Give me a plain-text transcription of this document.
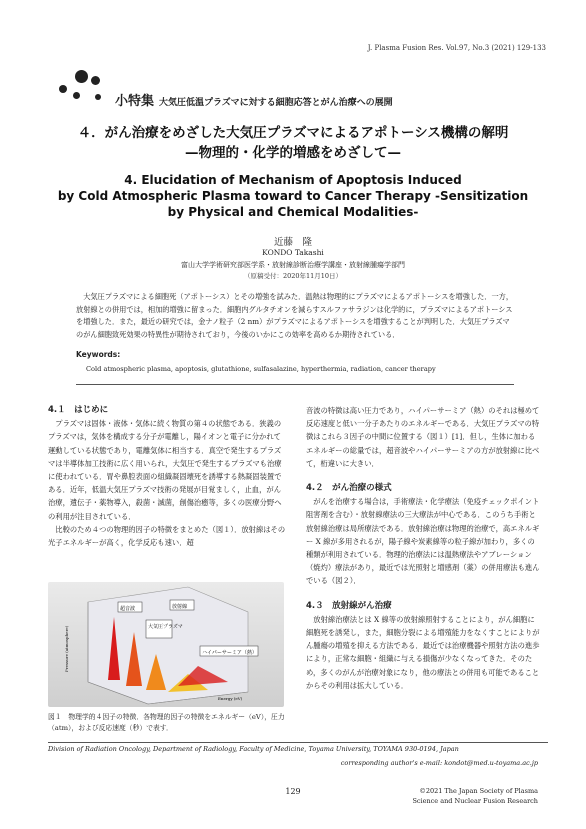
J. Plasma Fusion Res. Vol.97, No.3 (2021) 129‑133
小特集 大気圧低温プラズマに対する細胞応答とがん治療への展開
４．がん治療をめざした大気圧プラズマによるアポトーシス機構の解明
—物理的・化学的増感をめざして—
4. Elucidation of Mechanism of Apoptosis Induced
by Cold Atmospheric Plasma toward to Cancer Therapy -Sensitization
by Physical and Chemical Modalities-
近藤　隆
KONDO Takashi
富山大学学術研究部医学系・放射線診断治療学講座・放射線腫瘍学部門
（原稿受付：2020年11月10日）
大気圧プラズマによる細胞死（アポトーシス）とその増強を試みた．温熱は物理的にプラズマによるアポトーシスを増強した．一方，放射線との併用では，相加的増強に留まった．細胞内グルタチオンを減らすスルファサラジンは化学的に，プラズマによるアポトーシスを増強した．また，最近の研究では，金ナノ粒子（2 nm）がプラズマによるアポトーシスを増強することが判明した．大気圧プラズマのがん細胞致死効果の特異性が期待されており，今後のいかにこの効率を高めるか期待されている．
Keywords:
Cold atmospheric plasma, apoptosis, glutathione, sulfasalazine, hyperthermia, radiation, cancer therapy

4.１　はじめに

プラズマは固体・液体・気体に続く物質の第４の状態である．狭義のプラズマは，気体を構成する分子が電離し，陽イオンと電子に分かれて運動している状態であり，電離気体に相当する．真空で発生するプラズマは半導体加工技術に広く用いられ，大気圧で発生するプラズマも治療に使われている．胃や鼻腔表面の組織凝固壊死を誘導する熱凝固装置である．近年，低温大気圧プラズマ技術の発展が目覚ましく，止血，がん治療，遺伝子・薬物導入，殺菌・滅菌，創傷治癒等，多くの医療分野への利用が注目されている．

比較のため４つの物理的因子の特徴をまとめた（図１）．放射線はその光子エネルギーが高く，化学反応も速い．超

超音波
大気圧プラズマ
放射線
ハイパーサーミア（熱）
Pressure (atmosphere)
Energy (eV)
図１　物理学的４因子の特徴．各物理的因子の特徴をエネルギー（eV），圧力（atm），および反応速度（秒）で表す．

音波の特徴は高い圧力であり，ハイパーサーミア（熱）のそれは極めて反応速度と低い一分子あたりのエネルギーである．大気圧プラズマの特徴はこれら３因子の中間に位置する（図１）[1]．但し，生体に加わるエネルギーの総量では，超音波やハイパーサーミアの方が放射線に比べて，桁違いに大きい．

4.２　がん治療の様式

がんを治療する場合は，手術療法・化学療法（免疫チェックポイント阻害剤を含む）・放射線療法の三大療法が中心である．このうち手術と放射線治療は局所療法である．放射線治療は物理的治療で，高エネルギー X 線が多用されるが，陽子線や炭素線等の粒子線が加わり，多くの種類が利用されている．物理的治療法には温熱療法やアブレーション（焼灼）療法があり，最近では光照射と増感剤（薬）の併用療法も進んでいる（図２）．

4.３　放射線がん治療

放射線治療法とは X 線等の放射線照射することにより，がん細胞に細胞死を誘発し，また，細胞分裂による増殖能力をなくすことによりがん腫瘍の増殖を抑える方法である．最近では治療機器や照射方法の進歩により，正常な細胞・組織に与える損傷が少なくなってきた．そのため，多くのがんが治療対象になり，他の療法との併用も可能であることからその利用は拡大している．

Division of Radiation Oncology, Department of Radiology, Faculty of Medicine, Toyama University, TOYAMA 930-0194, Japan
corresponding author's e-mail: kondot@med.u-toyama.ac.jp
129	©2021 The Japan Society of Plasma
Science and Nuclear Fusion Research
